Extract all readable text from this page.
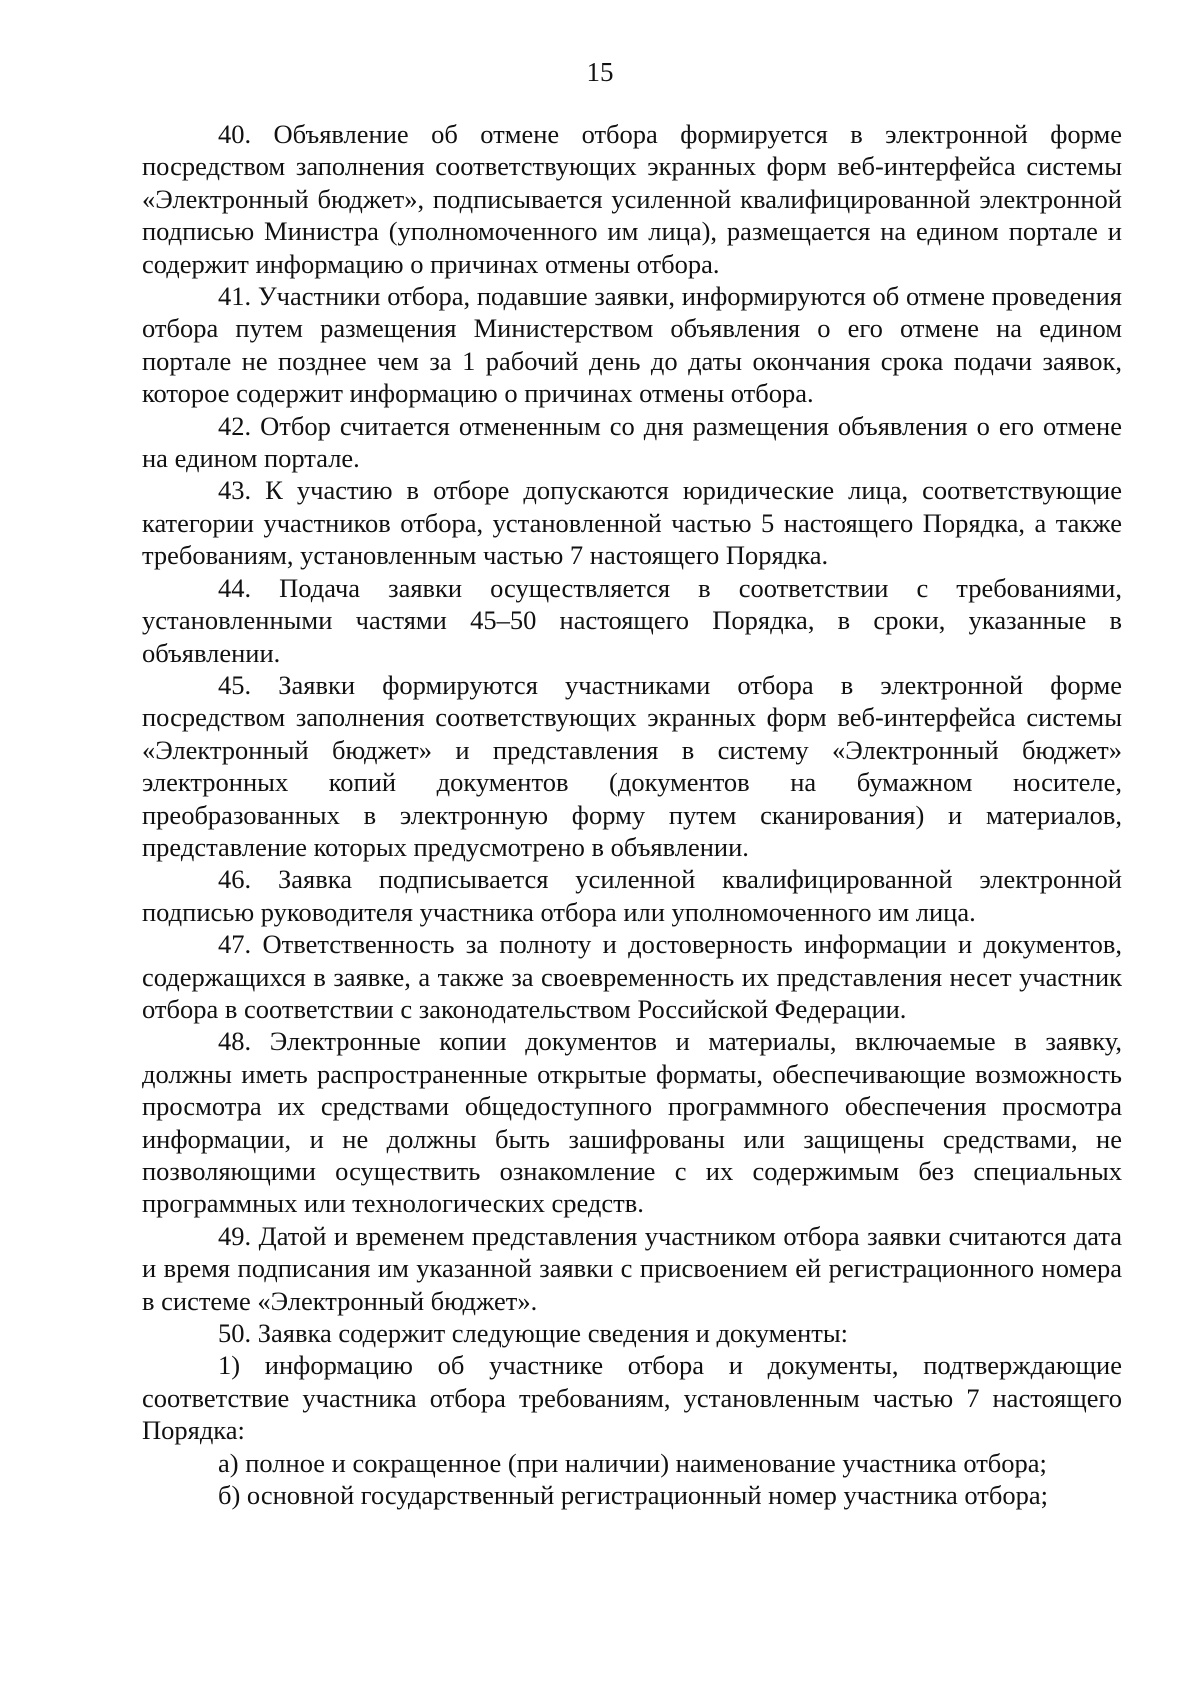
15

40. Объявление об отмене отбора формируется в электронной форме посредством заполнения соответствующих экранных форм веб-интерфейса системы «Электронный бюджет», подписывается усиленной квалифицированной электронной подписью Министра (уполномоченного им лица), размещается на едином портале и содержит информацию о причинах отмены отбора.

41. Участники отбора, подавшие заявки, информируются об отмене проведения отбора путем размещения Министерством объявления о его отмене на едином портале не позднее чем за 1 рабочий день до даты окончания срока подачи заявок, которое содержит информацию о причинах отмены отбора.

42. Отбор считается отмененным со дня размещения объявления о его отмене на едином портале.

43. К участию в отборе допускаются юридические лица, соответствующие категории участников отбора, установленной частью 5 настоящего Порядка, а также требованиям, установленным частью 7 настоящего Порядка.

44. Подача заявки осуществляется в соответствии с требованиями, установленными частями 45–50 настоящего Порядка, в сроки, указанные в объявлении.

45. Заявки формируются участниками отбора в электронной форме посредством заполнения соответствующих экранных форм веб-интерфейса системы «Электронный бюджет» и представления в систему «Электронный бюджет» электронных копий документов (документов на бумажном носителе, преобразованных в электронную форму путем сканирования) и материалов, представление которых предусмотрено в объявлении.

46. Заявка подписывается усиленной квалифицированной электронной подписью руководителя участника отбора или уполномоченного им лица.

47. Ответственность за полноту и достоверность информации и документов, содержащихся в заявке, а также за своевременность их представления несет участник отбора в соответствии с законодательством Российской Федерации.

48. Электронные копии документов и материалы, включаемые в заявку, должны иметь распространенные открытые форматы, обеспечивающие возможность просмотра их средствами общедоступного программного обеспечения просмотра информации, и не должны быть зашифрованы или защищены средствами, не позволяющими осуществить ознакомление с их содержимым без специальных программных или технологических средств.

49. Датой и временем представления участником отбора заявки считаются дата и время подписания им указанной заявки с присвоением ей регистрационного номера в системе «Электронный бюджет».

50. Заявка содержит следующие сведения и документы:

1) информацию об участнике отбора и документы, подтверждающие соответствие участника отбора требованиям, установленным частью 7 настоящего Порядка:

а) полное и сокращенное (при наличии) наименование участника отбора;

б) основной государственный регистрационный номер участника отбора;
